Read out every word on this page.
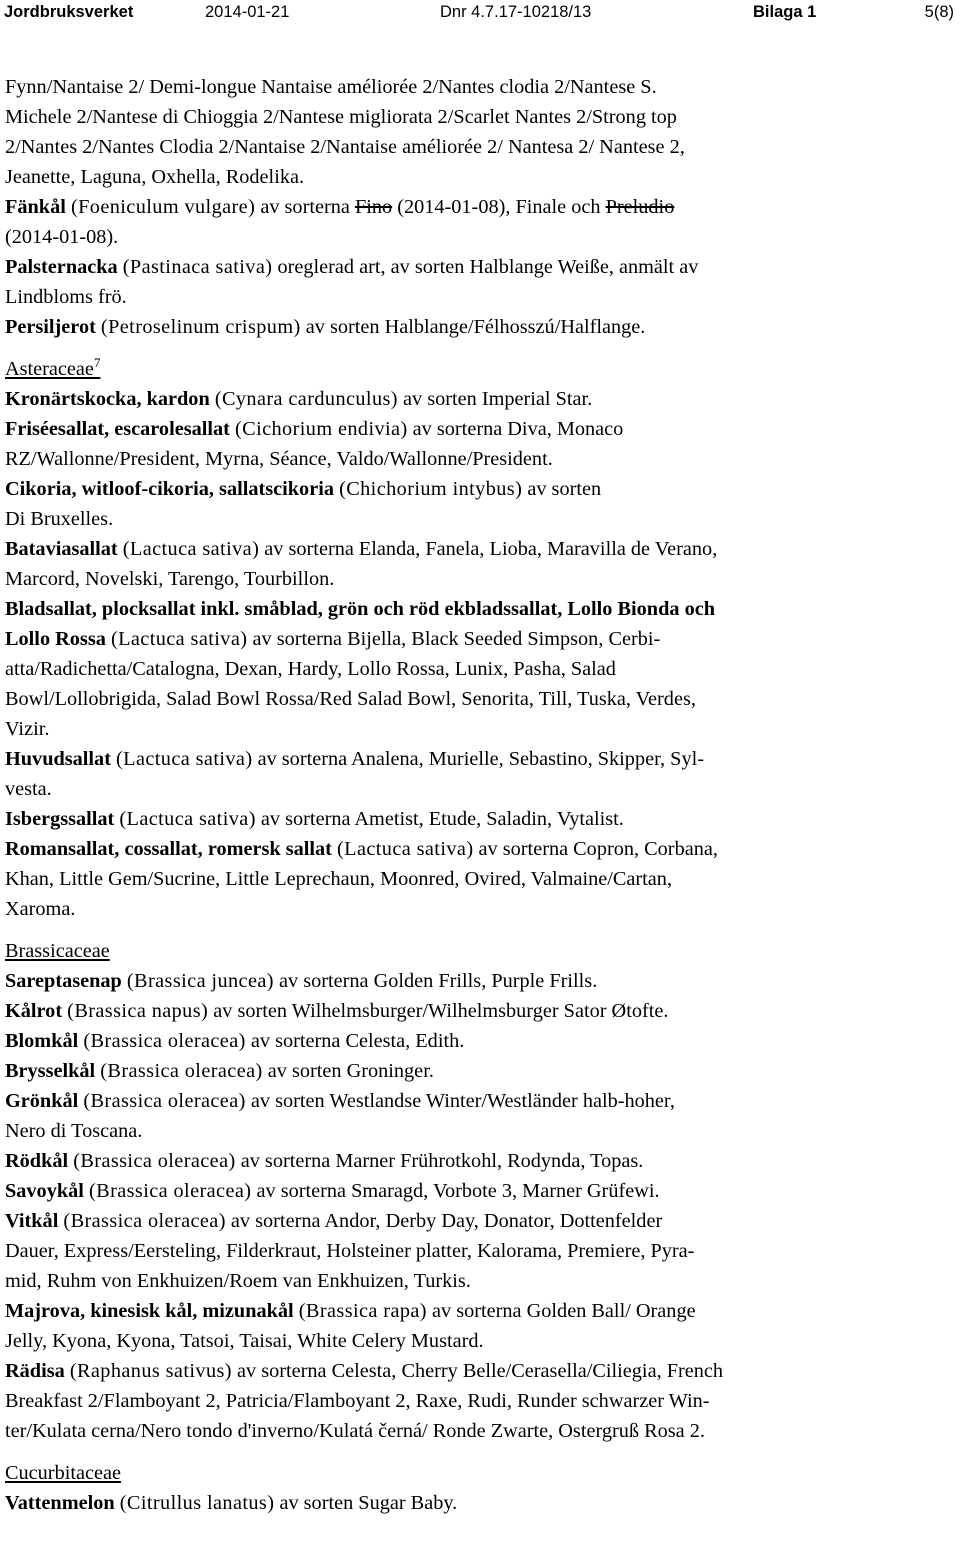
Jordbruksverket	2014-01-21	Dnr 4.7.17-10218/13	Bilaga 1	5(8)

Fynn/Nantaise 2/ Demi-longue Nantaise améliorée 2/Nantes clodia 2/Nantese S.

Michele 2/Nantese di Chioggia 2/Nantese migliorata 2/Scarlet Nantes 2/Strong top

2/Nantes 2/Nantes Clodia 2/Nantaise 2/Nantaise améliorée 2/ Nantesa 2/ Nantese 2,

Jeanette, Laguna, Oxhella, Rodelika.

Fänkål (Foeniculum vulgare) av sorterna Fino (2014-01-08), Finale och Preludio

(2014-01-08).

Palsternacka (Pastinaca sativa) oreglerad art, av sorten Halblange Weiße, anmält av

Lindbloms frö.

Persiljerot (Petroselinum crispum) av sorten Halblange/Félhosszú/Halflange.

Asteraceae$^7$

Kronärtskocka, kardon (Cynara cardunculus) av sorten Imperial Star.

Friséesallat, escarolesallat (Cichorium endivia) av sorterna Diva, Monaco

RZ/Wallonne/President, Myrna, Séance, Valdo/Wallonne/President.

Cikoria, witloof-cikoria, sallatscikoria (Chichorium intybus) av sorten

Di Bruxelles.

Bataviasallat (Lactuca sativa) av sorterna Elanda, Fanela, Lioba, Maravilla de Verano,

Marcord, Novelski, Tarengo, Tourbillon.

Bladsallat, plocksallat inkl. småblad, grön och röd ekbladssallat, Lollo Bionda och

Lollo Rossa (Lactuca sativa) av sorterna Bijella, Black Seeded Simpson, Cerbi-

atta/Radichetta/Catalogna, Dexan, Hardy, Lollo Rossa, Lunix, Pasha, Salad

Bowl/Lollobrigida, Salad Bowl Rossa/Red Salad Bowl, Senorita, Till, Tuska, Verdes,

Vizir.

Huvudsallat (Lactuca sativa) av sorterna Analena, Murielle, Sebastino, Skipper, Syl-

vesta.

Isbergssallat (Lactuca sativa) av sorterna Ametist, Etude, Saladin, Vytalist.

Romansallat, cossallat, romersk sallat (Lactuca sativa) av sorterna Copron, Corbana,

Khan, Little Gem/Sucrine, Little Leprechaun, Moonred, Ovired, Valmaine/Cartan,

Xaroma.

Brassicaceae

Sareptasenap (Brassica juncea) av sorterna Golden Frills, Purple Frills.

Kålrot (Brassica napus) av sorten Wilhelmsburger/Wilhelmsburger Sator Øtofte.

Blomkål (Brassica oleracea) av sorterna Celesta, Edith.

Brysselkål (Brassica oleracea) av sorten Groninger.

Grönkål (Brassica oleracea) av sorten Westlandse Winter/Westländer halb-hoher,

Nero di Toscana.

Rödkål (Brassica oleracea) av sorterna Marner Frührotkohl, Rodynda, Topas.

Savoykål (Brassica oleracea) av sorterna Smaragd, Vorbote 3, Marner Grüfewi.

Vitkål (Brassica oleracea) av sorterna Andor, Derby Day, Donator, Dottenfelder

Dauer, Express/Eersteling, Filderkraut, Holsteiner platter, Kalorama, Premiere, Pyra-

mid, Ruhm von Enkhuizen/Roem van Enkhuizen, Turkis.

Majrova, kinesisk kål, mizunakål (Brassica rapa) av sorterna Golden Ball/ Orange

Jelly, Kyona, Kyona, Tatsoi, Taisai, White Celery Mustard.

Rädisa (Raphanus sativus) av sorterna Celesta, Cherry Belle/Cerasella/Ciliegia, French

Breakfast 2/Flamboyant 2, Patricia/Flamboyant 2, Raxe, Rudi, Runder schwarzer Win-

ter/Kulata cerna/Nero tondo d'inverno/Kulatá černá/ Ronde Zwarte, Ostergruß Rosa 2.

Cucurbitaceae

Vattenmelon (Citrullus lanatus) av sorten Sugar Baby.
